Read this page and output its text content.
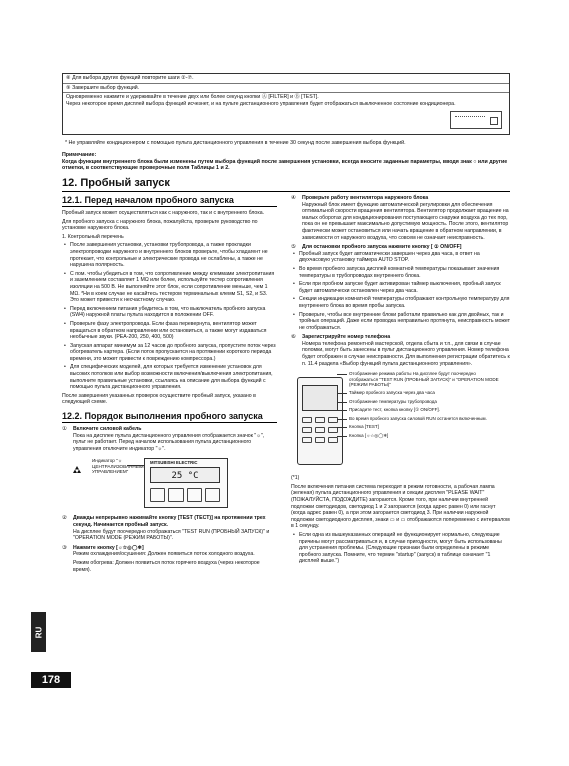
⑧ Для выбора других функций повторите шаги ②-⑦.
⑨ Завершите выбор функций.
Одновременно нажмите и удерживайте в течение двух или более секунд кнопки Ⓐ [FILTER] и Ⓑ [TEST].
Через некоторое время дисплей выбора функций исчезнет, и на пульте дистанционного управления будет отображаться выключенное состояние кондиционера.
* Не управляйте кондиционером с помощью пульта дистанционного управления в течение 30 секунд после завершения выбора функций.
Примечание:
Когда функции внутреннего блока были изменены путем выбора функций после завершения установки, всегда вносите заданные параметры, вводя знак ○ или другие отметки, в соответствующие проверочные поля Таблицы 1 и 2.
12. Пробный запуск
12.1. Перед началом пробного запуска
Пробный запуск может осуществляться как с наружного, так и с внутреннего блока.
Для пробного запуска с наружного блока, пожалуйста, проверьте руководство по установке наружного блока.
1. Контрольный перечень
• После завершения установки, установки трубопровода, а также прокладки электропроводки наружного и внутреннего блоков проверьте, чтобы хладагент не протекает, что контрольные и электрические провода не ослаблены, а также не нарушена полярность.
• С пом. чтобы убедиться в том, что сопротивление между клеммами электропитания и заземлением составляет 1 МΩ или более, используйте тестер сопротивления изоляции на 500 В. Не выполняйте этот блок, если сопротивление меньше, чем 1 МΩ. *Ни в коем случае не касайтесь тестером терминальных клемм S1, S2, и S3. Это может привести к несчастному случаю.
• Перед включением питания убедитесь в том, что выключатель пробного запуска (SW4) наружной платы пульта находится в положении OFF.
• Проверьте фазу электропровода. Если фаза перевернута, вентилятор может вращаться в обратном направлении или остановиться, а также могут издаваться необычные звуки. (PEA-200, 250, 400, 500)
• Запуская аппарат минимум за 12 часов до пробного запуска, пропустите поток через обогреватель картера. (Если поток пропускается на протяжении короткого периода времени, это может привести к повреждению компрессора.)
• Для специфических моделей, для которых требуется изменение установок для высоких потолков или выбор возможности включения/выключения электропитания, выполните правильные установки, ссылаясь на описание для выбора функций с помощью пульта дистанционного управления.
После завершения указанных проверок осуществите пробный запуск, указано в следующей схеме.
12.2. Порядок выполнения пробного запуска
①	Включите силовой кабель
Пока на дисплее пульта дистанционного управления отображается значок "☼", пульт не работает. Перед началом использования пульта дистанционного управления отключите индикатор "☼".
Индикатор "☼ ЦЕНТРАЛИЗОВАННЫМ УПРАВЛЕНИЕМ"
MITSUBISHI ELECTRIC
25 °C
②	Дважды непрерывно нажимайте кнопку [TEST (ТЕСТ)] на протяжении трех секунд. Начинается пробный запуск.
На дисплее будут поочередно отображаться "TEST RUN (ПРОБНЫЙ ЗАПУСК)" и "OPERATION MODE (РЕЖИМ РАБОТЫ)".
③	Нажмите кнопку [☼☆◎◯❄]
Режим охлаждения/осушения: Должен появиться поток холодного воздуха.
Режим обогрева: Должен появиться поток горячего воздуха (через некоторое время).
④	Проверьте работу вентилятора наружного блока
Наружный блок имеет функцию автоматической регулировки для обеспечения оптимальной скорости вращения вентилятора. Вентилятор продолжает вращение на малых оборотах для кондиционирования поступающего снаружи воздуха до тех пор, пока он не превышает максимально допустимую мощность. После этого, вентилятор фактически может остановиться или начать вращение в обратном направлении, в зависимости от наружного воздуха, что совсем не означает неисправность.
⑤	Для остановки пробного запуска нажмите кнопку [ ① ON/OFF]
• Пробный запуск будет автоматически завершен через два часа, в ответ на двухчасовую установку таймера AUTO STOP.
• Во время пробного запуска дисплей комнатной температуры показывает значения температуры в трубопроводах внутреннего блока.
• Если при пробном запуске будет активирован таймер выключения, пробный запуск будет автоматически остановлен через два часа.
• Секции индикации комнатной температуры отображают контрольную температуру для внутреннего блока во время пробы запуска.
• Проверьте, чтобы все внутренние блоки работали правильно как для двойных, так и тройных операций. Даже если проводка неправильно протянута, неисправность может не отображаться.
⑥	Зарегистрируйте номер телефона
Номера телефона ремонтной мастерской, отдела сбыта и т.п., для связи в случае поломки, могут быть занесены в пульт дистанционного управления. Номер телефона будет отображен в случае неисправности. Для выполнения регистрации обратитесь к п. 11.4 раздела «Выбор функций пульта дистанционного управления».
Отображение режима работы На дисплее будут поочередно отображаться "TEST RUN (ПРОБНЫЙ ЗАПУСК)" и "OPERATION MODE (РЕЖИМ РАБОТЫ)"
Таймер пробного запуска через два часа
Отображение температуры трубопровода
Присадите тест, кнопка кнопку [① ON/OFF].
Во время пробного запуска силовой RUN останется включенным.
Кнопка [TEST]
Кнопка [☼☆◎◯❄]
(*1)
После включения питания система переходит в режим готовности, а рабочая лампа (зеленая) пульта дистанционного управления и секции дисплея "PLEASE WAIT" (ПОЖАЛУЙСТА, ПОДОЖДИТЕ) загораются. Кроме того, при наличии внутренней подложки светодиодов, светодиод 1 и 2 загораются (когда адрес равен 0) или гаснут (когда адрес равен 0), а при этом загорается светодиод 3. При наличии наружной подложки светодиодного дисплея, знаки ▭ и ▭ отображаются попеременно с интервалом в 1 секунду.
• Если одна из вышеуказанных операций не функционирует нормально, следующие причины могут рассматриваться и, в случае пригодности, могут быть использованы для устранения проблемы. (Следующие признаки были определены в режиме пробного запуска. Помните, что термин "startup" (запуск) в таблице означает "1 дисплей выше.")
RU
178
